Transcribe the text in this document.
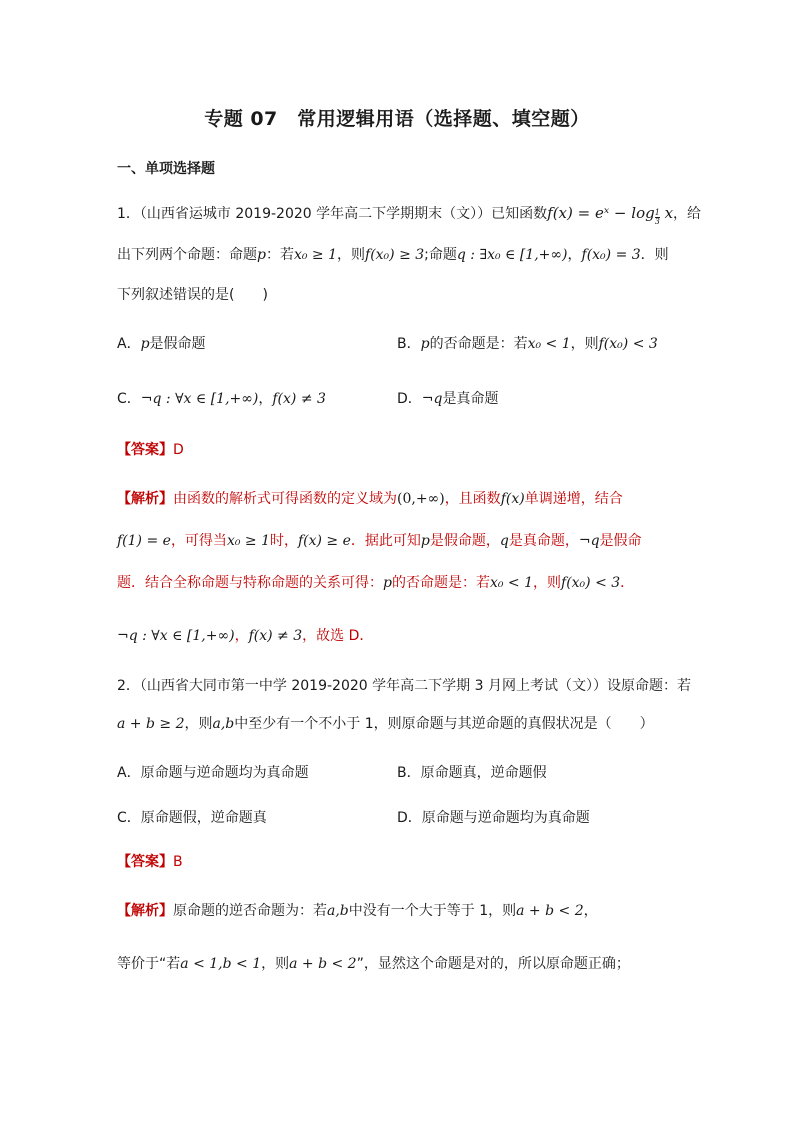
专题 07　常用逻辑用语（选择题、填空题）
一、单项选择题
1．（山西省运城市 2019-2020 学年高二下学期期末（文））已知函数f(x) = eˣ − $\log \frac{1}{3}$ x，给
出下列两个命题：命题p：若x₀ ≥ 1，则f(x₀) ≥ 3;命题q : ∃x₀ ∈ [1,+∞)，f(x₀) = 3．则
下列叙述错误的是(　　)
A．p是假命题	B．p的否命题是：若x₀ < 1，则f(x₀) < 3
C．¬q : ∀x ∈ [1,+∞)，f(x) ≠ 3	D．¬q是真命题
【答案】D
【解析】由函数的解析式可得函数的定义域为(0,+∞)，且函数f(x)单调递增，结合
f(1) = e，可得当x₀ ≥ 1时，f(x) ≥ e．据此可知p是假命题，q是真命题，¬q是假命
题．结合全称命题与特称命题的关系可得：p的否命题是：若x₀ < 1，则f(x₀) < 3．
¬q : ∀x ∈ [1,+∞)，f(x) ≠ 3，故选 D．
2．（山西省大同市第一中学 2019-2020 学年高二下学期 3 月网上考试（文））设原命题：若
a + b ≥ 2，则a,b中至少有一个不小于 1，则原命题与其逆命题的真假状况是（　　）
A．原命题与逆命题均为真命题	B．原命题真，逆命题假
C．原命题假，逆命题真	D．原命题与逆命题均为真命题
【答案】B
【解析】原命题的逆否命题为：若a,b中没有一个大于等于 1，则a + b < 2，
等价于“若a < 1,b < 1，则a + b < 2”，显然这个命题是对的，所以原命题正确；
